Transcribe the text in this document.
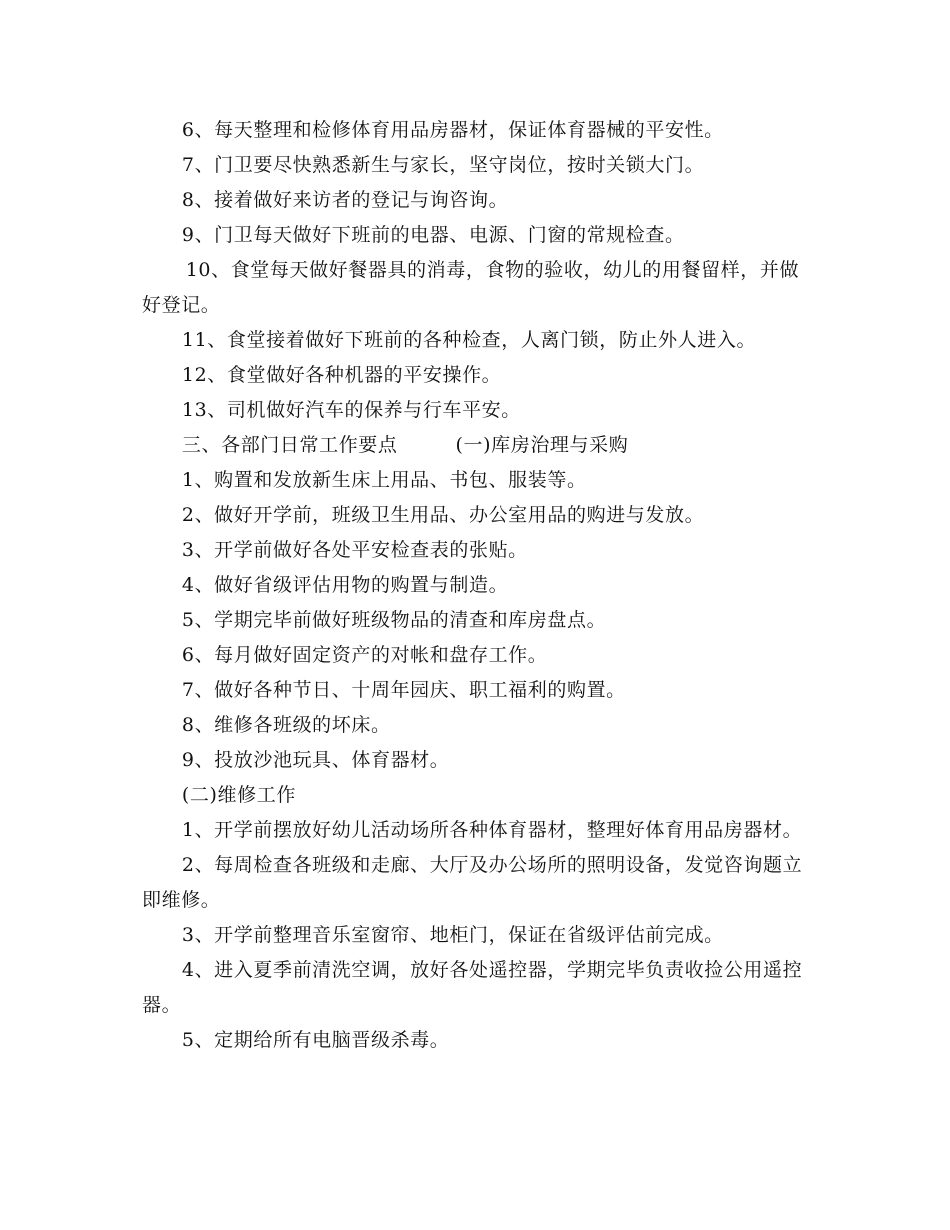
6、每天整理和检修体育用品房器材，保证体育器械的平安性。

7、门卫要尽快熟悉新生与家长，坚守岗位，按时关锁大门。

8、接着做好来访者的登记与询咨询。

9、门卫每天做好下班前的电器、电源、门窗的常规检查。

10、食堂每天做好餐器具的消毒，食物的验收，幼儿的用餐留样，并做好登记。

11、食堂接着做好下班前的各种检查，人离门锁，防止外人进入。

12、食堂做好各种机器的平安操作。

13、司机做好汽车的保养与行车平安。

三、各部门日常工作要点	(一)库房治理与采购

1、购置和发放新生床上用品、书包、服装等。

2、做好开学前，班级卫生用品、办公室用品的购进与发放。

3、开学前做好各处平安检查表的张贴。

4、做好省级评估用物的购置与制造。

5、学期完毕前做好班级物品的清查和库房盘点。

6、每月做好固定资产的对帐和盘存工作。

7、做好各种节日、十周年园庆、职工福利的购置。

8、维修各班级的坏床。

9、投放沙池玩具、体育器材。

(二)维修工作

1、开学前摆放好幼儿活动场所各种体育器材，整理好体育用品房器材。

2、每周检查各班级和走廊、大厅及办公场所的照明设备，发觉咨询题立即维修。

3、开学前整理音乐室窗帘、地柜门，保证在省级评估前完成。

4、进入夏季前清洗空调，放好各处遥控器，学期完毕负责收捡公用遥控器。

5、定期给所有电脑晋级杀毒。
